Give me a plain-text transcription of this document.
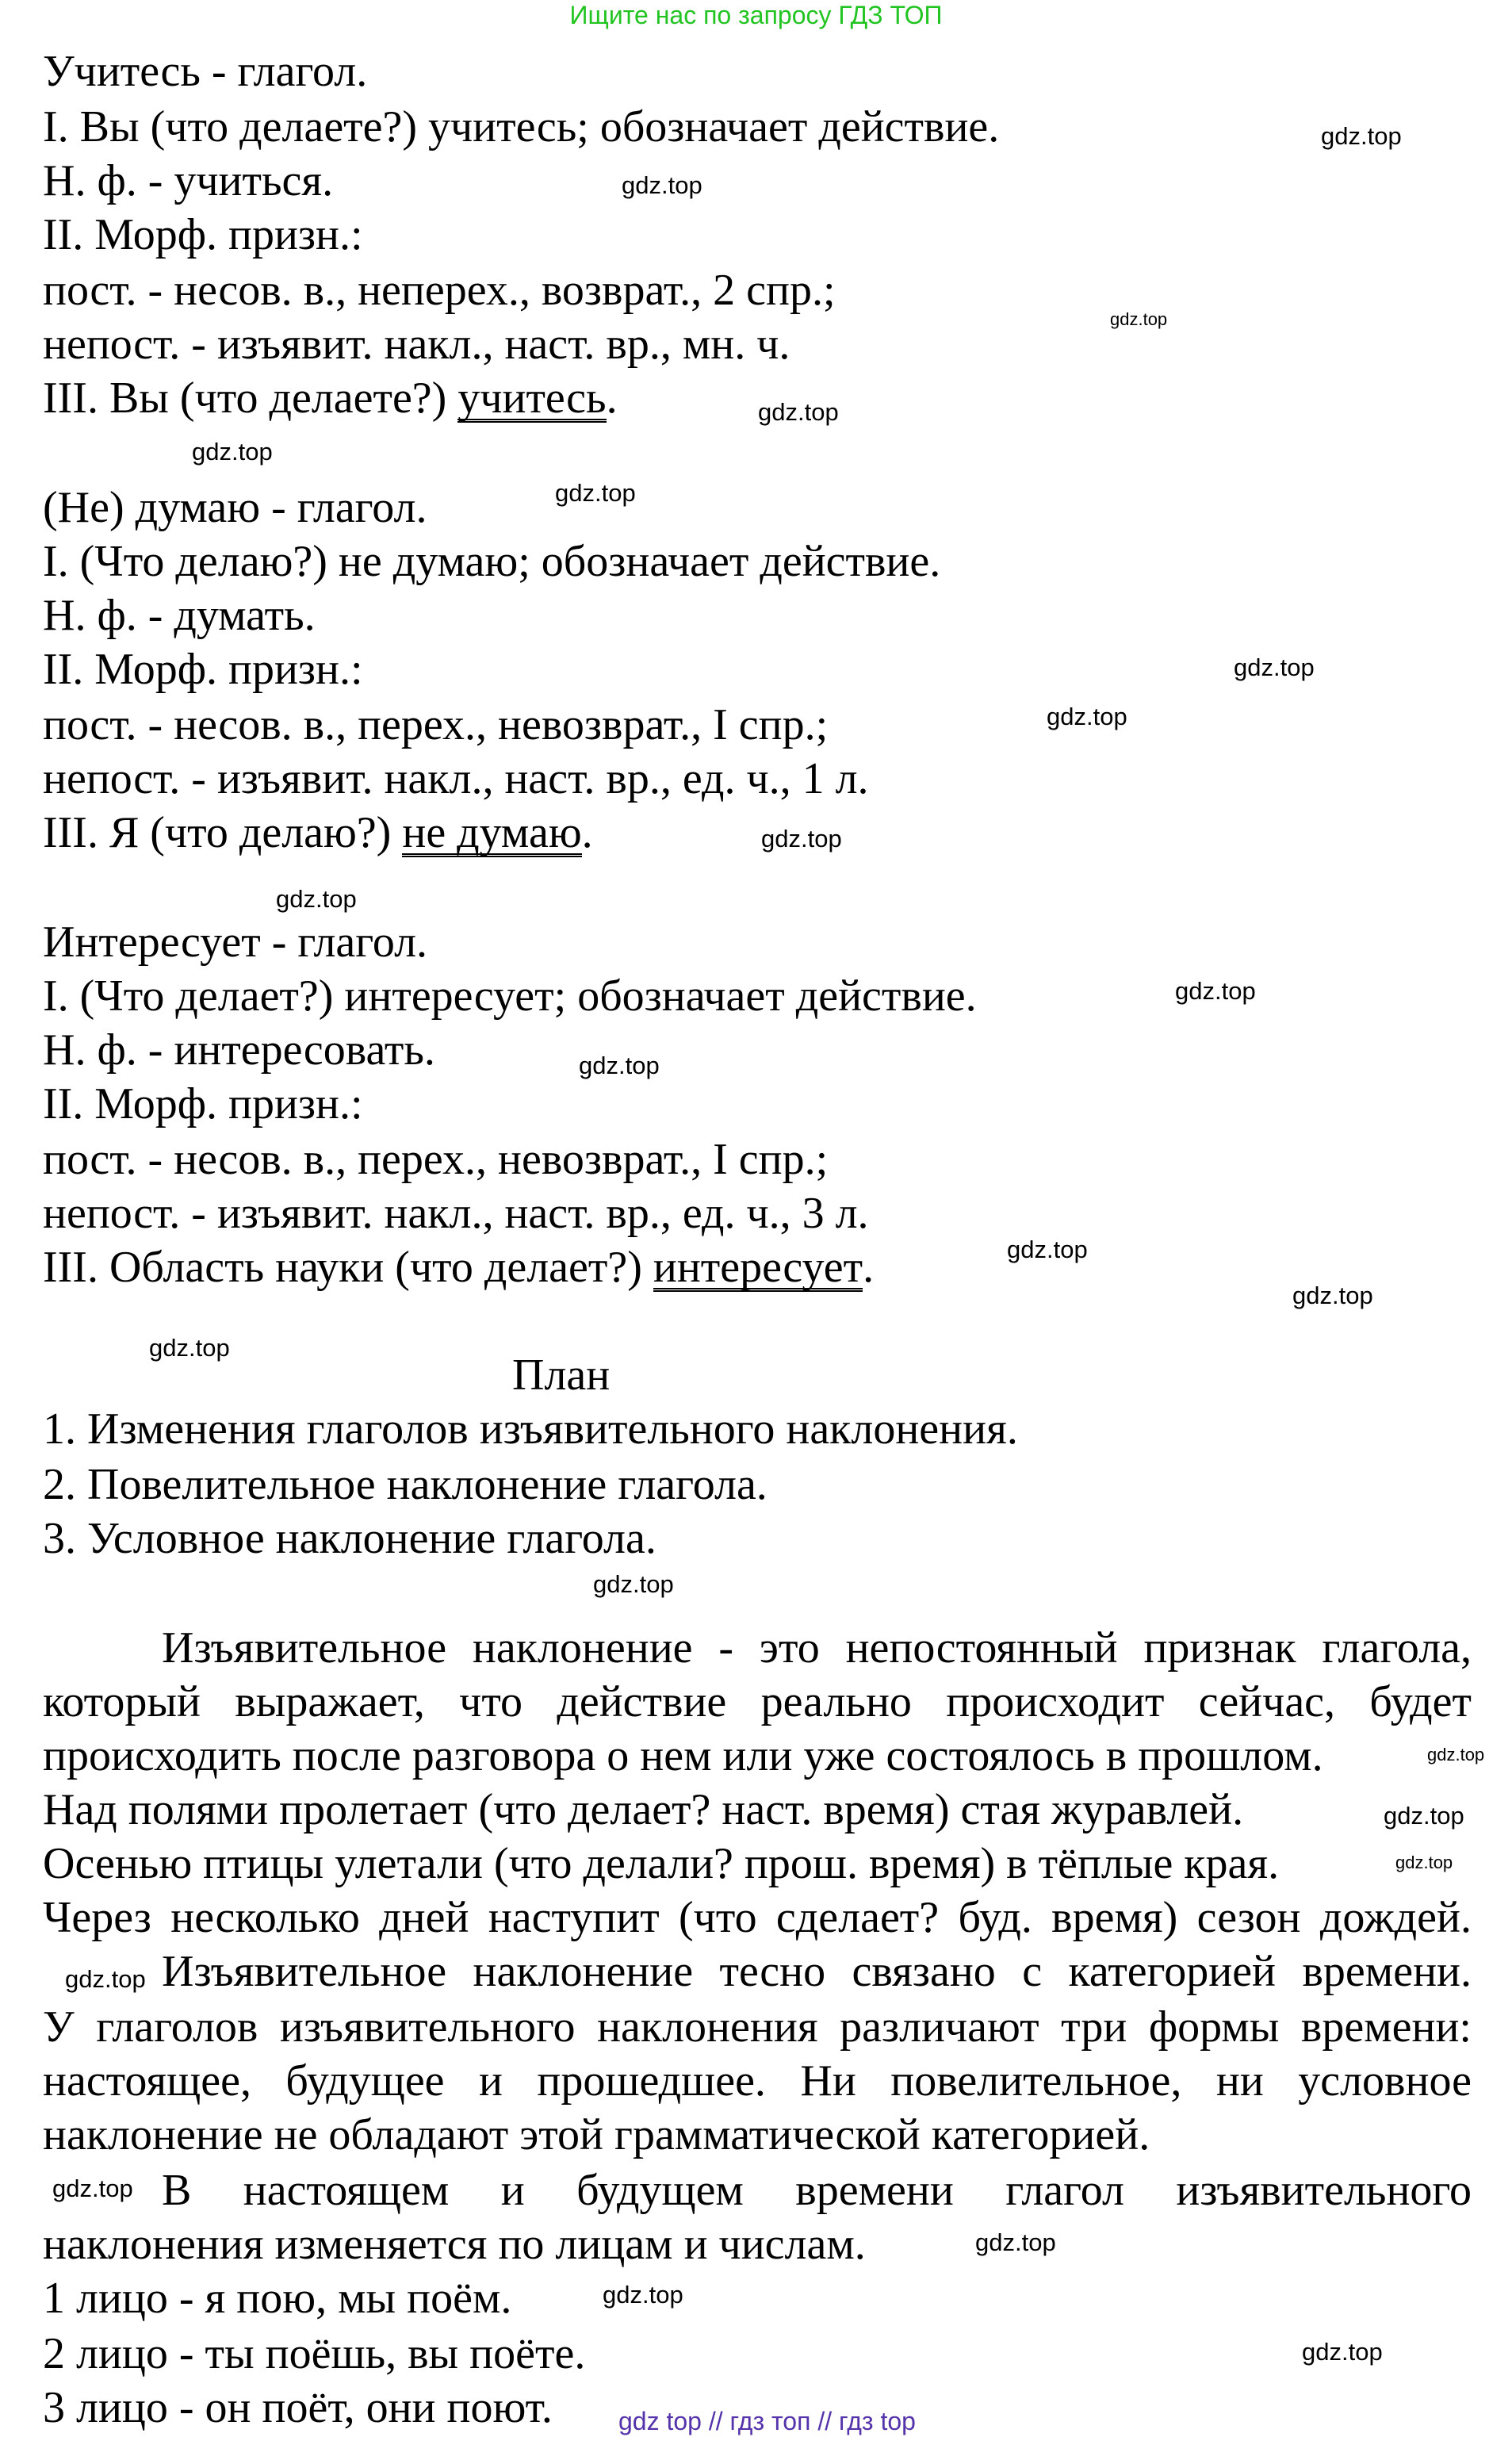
Ищите нас по запросу ГДЗ ТОП
Учитесь - глагол.
I. Вы (что делаете?) учитесь; обозначает действие.
Н. ф. - учиться.
II. Морф. призн.:
пост. - несов. в., неперех., возврат., 2 спр.;
непост. - изъявит. накл., наст. вр., мн. ч.
III. Вы (что делаете?) учитесь.
(Не) думаю - глагол.
I. (Что делаю?) не думаю; обозначает действие.
Н. ф. - думать.
II. Морф. призн.:
пост. - несов. в., перех., невозврат., I спр.;
непост. - изъявит. накл., наст. вр., ед. ч., 1 л.
III. Я (что делаю?) не думаю.
Интересует - глагол.
I. (Что делает?) интересует; обозначает действие.
Н. ф. - интересовать.
II. Морф. призн.:
пост. - несов. в., перех., невозврат., I спр.;
непост. - изъявит. накл., наст. вр., ед. ч., 3 л.
III. Область науки (что делает?) интересует.
План
1. Изменения глаголов изъявительного наклонения.
2. Повелительное наклонение глагола.
3. Условное наклонение глагола.
Изъявительное наклонение - это непостоянный признак глагола,
который выражает, что действие реально происходит сейчас, будет
происходить после разговора о нем или уже состоялось в прошлом.
Над полями пролетает (что делает? наст. время) стая журавлей.
Осенью птицы улетали (что делали? прош. время) в тёплые края.
Через несколько дней наступит (что сделает? буд. время) сезон дождей.
Изъявительное наклонение тесно связано с категорией времени.
У глаголов изъявительного наклонения различают три формы времени:
настоящее, будущее и прошедшее. Ни повелительное, ни условное
наклонение не обладают этой грамматической категорией.
В настоящем и будущем времени глагол изъявительного
наклонения изменяется по лицам и числам.
1 лицо - я пою, мы поём.
2 лицо - ты поёшь, вы поёте.
3 лицо - он поёт, они поют.
gdz.top
gdz.top
gdz.top
gdz.top
gdz.top
gdz.top
gdz.top
gdz.top
gdz.top
gdz.top
gdz.top
gdz.top
gdz.top
gdz.top
gdz.top
gdz.top
gdz.top
gdz.top
gdz.top
gdz.top
gdz.top
gdz.top
gdz.top
gdz.top
gdz top // гдз топ // гдз top
